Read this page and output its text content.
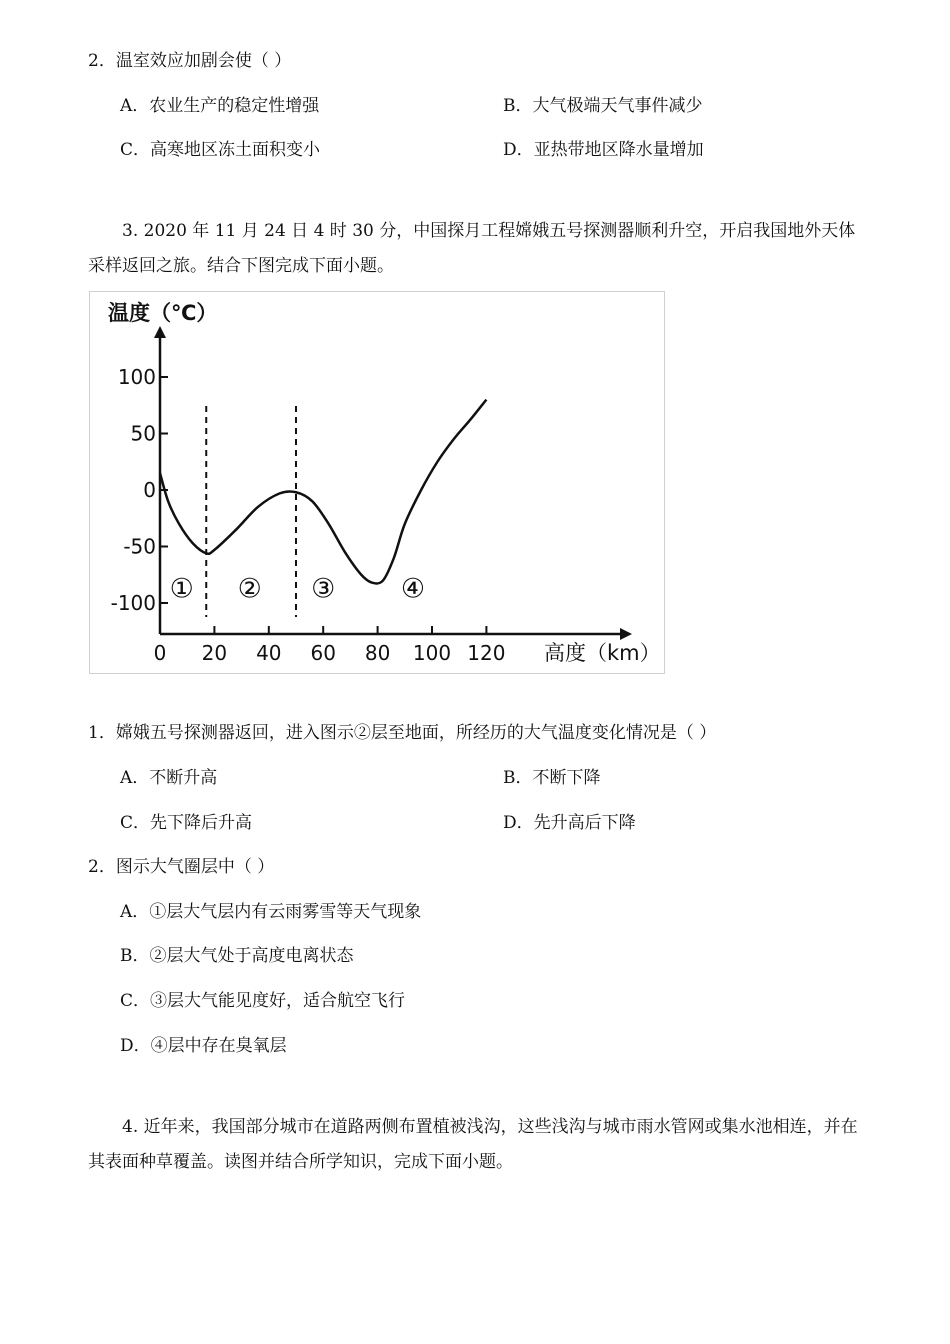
2．温室效应加剧会使（ ）
A．农业生产的稳定性增强	B．大气极端天气事件减少
C．高寒地区冻土面积变小	D．亚热带地区降水量增加
3. 2020 年 11 月 24 日 4 时 30 分，中国探月工程嫦娥五号探测器顺利升空，开启我国地外天体采样返回之旅。结合下图完成下面小题。
100
50
0
-50
-100
0 20 40 60 80 100 120
温度（℃）
高度（km）
① ② ③ ④
1．嫦娥五号探测器返回，进入图示②层至地面，所经历的大气温度变化情况是（ ）
A．不断升高	B．不断下降
C．先下降后升高	D．先升高后下降
2．图示大气圈层中（ ）
A．①层大气层内有云雨雾雪等天气现象
B．②层大气处于高度电离状态
C．③层大气能见度好，适合航空飞行
D．④层中存在臭氧层
4. 近年来，我国部分城市在道路两侧布置植被浅沟，这些浅沟与城市雨水管网或集水池相连，并在其表面种草覆盖。读图并结合所学知识，完成下面小题。
